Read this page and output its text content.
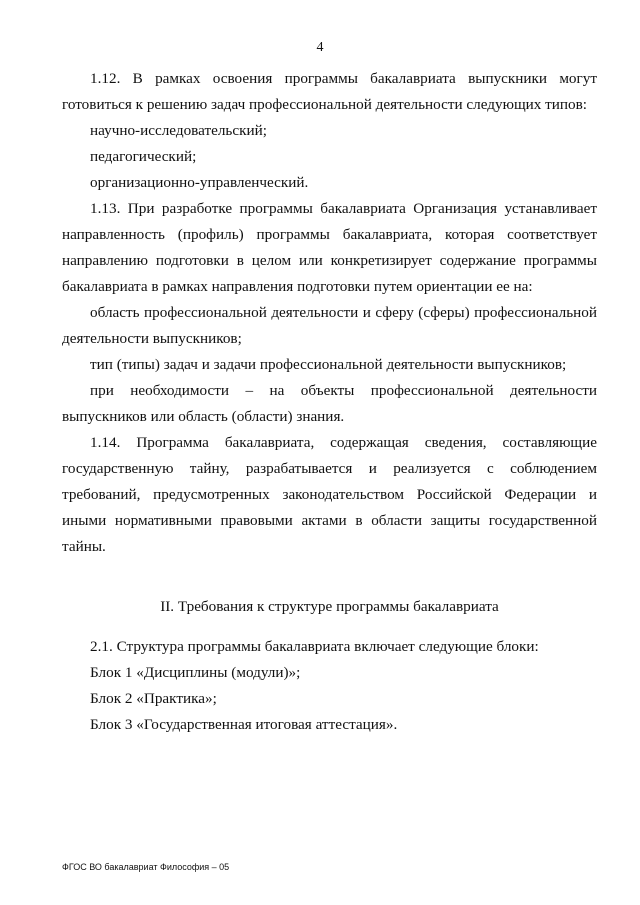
4

1.12. В рамках освоения программы бакалавриата выпускники могут готовиться к решению задач профессиональной деятельности следующих типов:

научно-исследовательский;

педагогический;

организационно-управленческий.

1.13. При разработке программы бакалавриата Организация устанавливает направленность (профиль) программы бакалавриата, которая соответствует направлению подготовки в целом или конкретизирует содержание программы бакалавриата в рамках направления подготовки путем ориентации ее на:

область профессиональной деятельности и сферу (сферы) профессиональной деятельности выпускников;

тип (типы) задач и задачи профессиональной деятельности выпускников;

при необходимости – на объекты профессиональной деятельности выпускников или область (области) знания.

1.14. Программа бакалавриата, содержащая сведения, составляющие государственную тайну, разрабатывается и реализуется с соблюдением требований, предусмотренных законодательством Российской Федерации и иными нормативными правовыми актами в области защиты государственной тайны.

II. Требования к структуре программы бакалавриата

2.1. Структура программы бакалавриата включает следующие блоки:

Блок 1 «Дисциплины (модули)»;

Блок 2 «Практика»;

Блок 3 «Государственная итоговая аттестация».

ФГОС ВО бакалавриат Философия – 05
